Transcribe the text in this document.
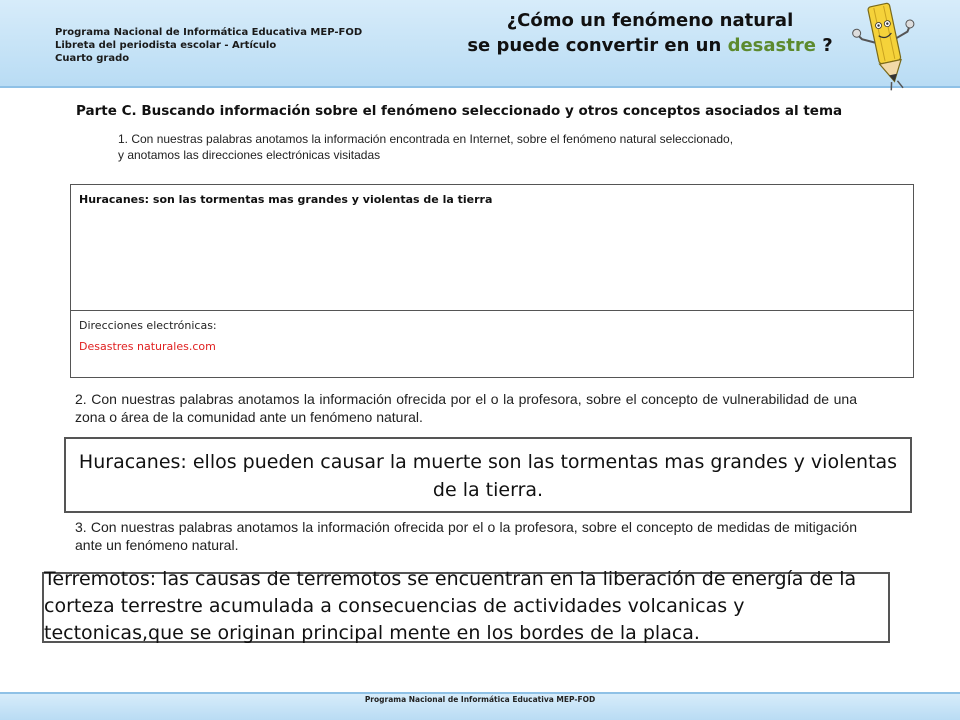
Programa Nacional de Informática Educativa MEP-FOD
Libreta del periodista escolar - Artículo
Cuarto grado
¿Cómo un fenómeno natural
se puede convertir en un desastre ?
Parte C. Buscando información sobre el fenómeno seleccionado y otros conceptos asociados al tema
1. Con nuestras palabras anotamos la información encontrada en Internet, sobre el fenómeno natural seleccionado,
y anotamos las direcciones electrónicas visitadas
Huracanes: son las tormentas mas grandes y violentas de la tierra
Direcciones electrónicas:
Desastres naturales.com
2. Con nuestras palabras anotamos la información ofrecida por el o la profesora, sobre el concepto de vulnerabilidad de una zona o área de la comunidad ante un fenómeno natural.
Huracanes: ellos pueden causar la muerte son las tormentas mas grandes y violentas
de la tierra.
3. Con nuestras palabras anotamos la información ofrecida por el o la profesora, sobre el concepto de medidas de mitigación ante un fenómeno natural.
Terremotos: las causas de terremotos se encuentran en la liberación de energía de la
corteza terrestre acumulada a consecuencias de actividades volcanicas y
tectonicas,que se originan principal mente en los bordes de la placa.
Programa Nacional de Informática Educativa MEP-FOD
